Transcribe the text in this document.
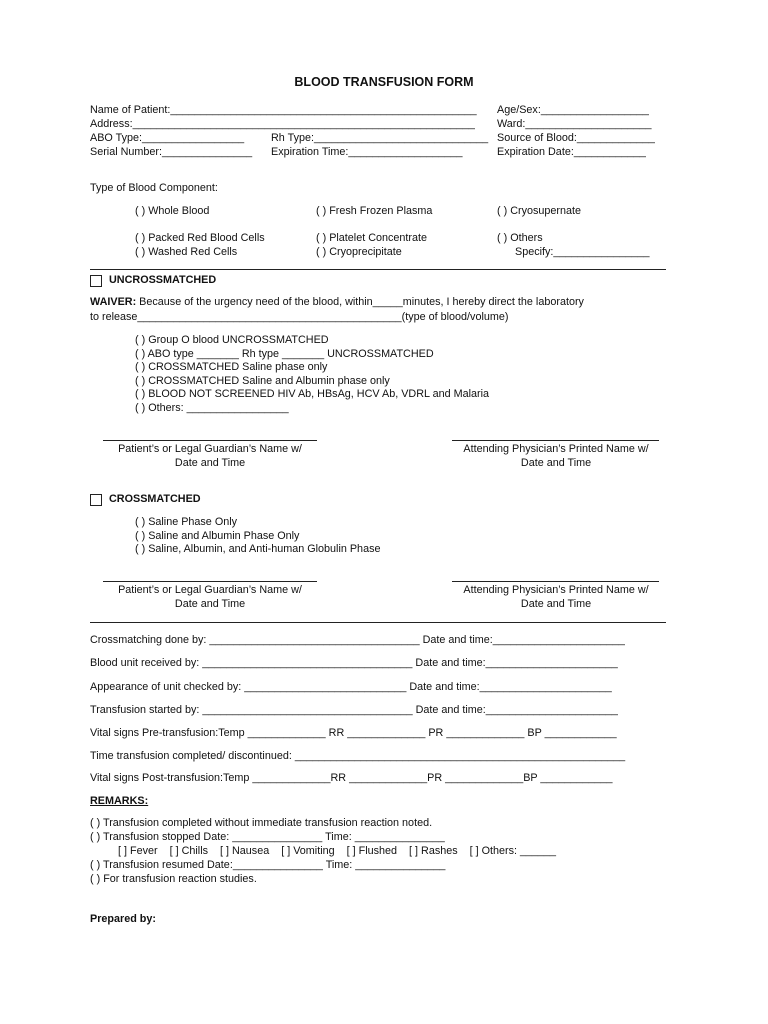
BLOOD TRANSFUSION FORM
Name of Patient:___________________________________________________ Age/Sex:__________________
Address:_________________________________________________________ Ward:_____________________
ABO Type:_________________ Rh Type:_____________________________ Source of Blood:_____________
Serial Number:_______________ Expiration Time:___________________	Expiration Date:____________
Type of Blood Component:
( ) Whole Blood	( ) Fresh Frozen Plasma	( ) Cryosupernate
( ) Packed Red Blood Cells	( ) Platelet Concentrate	( ) Others
( ) Washed Red Cells	( ) Cryoprecipitate	Specify:________________
UNCROSSMATCHED
WAIVER: Because of the urgency need of the blood, within_____minutes, I hereby direct the laboratory
to release____________________________________________(type of blood/volume)
( ) Group O blood UNCROSSMATCHED
( ) ABO type _______ Rh type _______ UNCROSSMATCHED
( ) CROSSMATCHED Saline phase only
( ) CROSSMATCHED Saline and Albumin phase only
( ) BLOOD NOT SCREENED HIV Ab, HBsAg, HCV Ab, VDRL and Malaria
( ) Others: _________________
Patient’s or Legal Guardian’s Name w/
Date and Time
Attending Physician’s Printed Name w/
Date and Time
CROSSMATCHED
( ) Saline Phase Only
( ) Saline and Albumin Phase Only
( ) Saline, Albumin, and Anti-human Globulin Phase
Patient’s or Legal Guardian’s Name w/
Date and Time
Attending Physician’s Printed Name w/
Date and Time
Crossmatching done by: ___________________________________ Date and time:______________________
Blood unit received by: ___________________________________ Date and time:______________________
Appearance of unit checked by: ___________________________ Date and time:______________________
Transfusion started by: ___________________________________ Date and time:______________________
Vital signs Pre-transfusion:Temp _____________ RR _____________ PR _____________ BP ____________
Time transfusion completed/ discontinued: _______________________________________________________
Vital signs Post-transfusion:Temp _____________RR _____________PR _____________BP ____________
REMARKS:
( ) Transfusion completed without immediate transfusion reaction noted.
( ) Transfusion stopped Date: _______________ Time: _______________
[ ] Fever    [ ] Chills    [ ] Nausea    [ ] Vomiting    [ ] Flushed    [ ] Rashes    [ ] Others: ______
( ) Transfusion resumed Date:_______________ Time: _______________
( ) For transfusion reaction studies.
Prepared by:
